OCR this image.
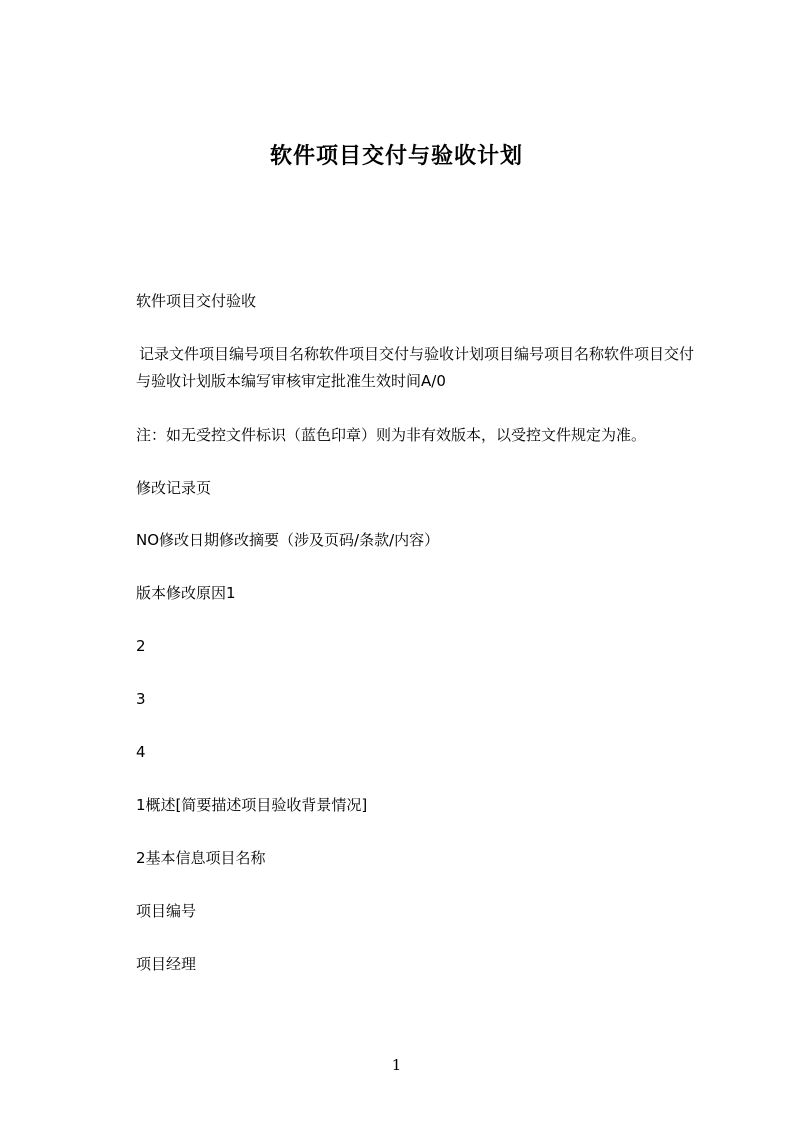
软件项目交付与验收计划
软件项目交付验收
记录文件项目编号项目名称软件项目交付与验收计划项目编号项目名称软件项目交付与验收计划版本编写审核审定批准生效时间A/0
注：如无受控文件标识（蓝色印章）则为非有效版本，以受控文件规定为准。
修改记录页
NO修改日期修改摘要（涉及页码/条款/内容）
版本修改原因1
2
3
4
1概述[简要描述项目验收背景情况]
2基本信息项目名称
项目编号
项目经理
1
